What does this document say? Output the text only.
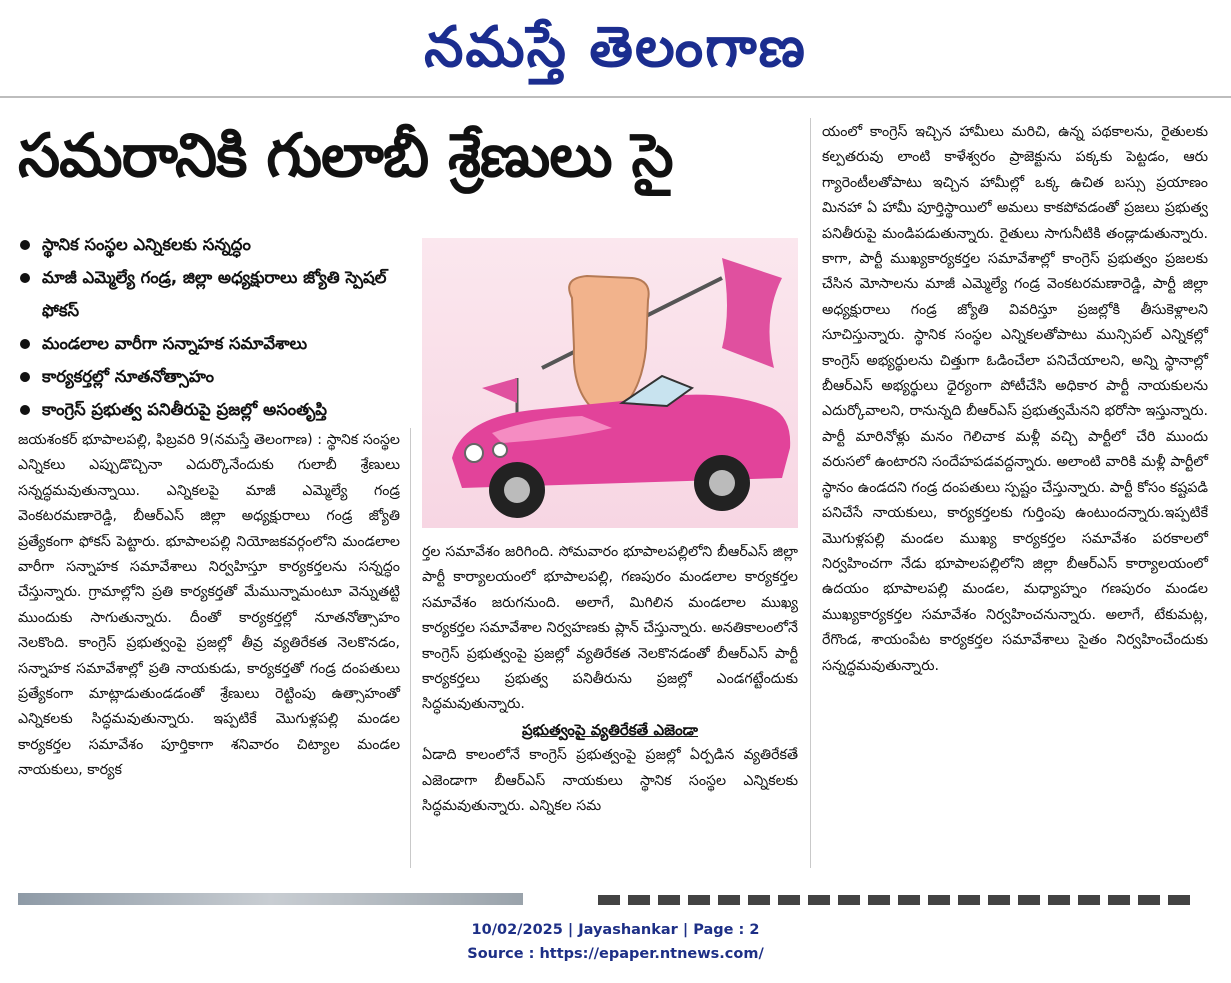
నమస్తే తెలంగాణ
సమరానికి గులాబీ శ్రేణులు సై
స్థానిక సంస్థల ఎన్నికలకు సన్నద్ధం
మాజీ ఎమ్మెల్యే గండ్ర, జిల్లా అధ్యక్షురాలు జ్యోతి స్పెషల్ ఫోకస్
మండలాల వారీగా సన్నాహక సమావేశాలు
కార్యకర్తల్లో నూతనోత్సాహం
కాంగ్రెస్ ప్రభుత్వ పనితీరుపై ప్రజల్లో అసంతృప్తి
జయశంకర్ భూపాలపల్లి, ఫిబ్రవరి 9(నమస్తే తెలంగాణ) : స్థానిక సంస్థల ఎన్నికలు ఎప్పుడొచ్చినా ఎదుర్కొనేందుకు గులాబీ శ్రేణులు సన్నద్ధమవుతున్నాయి. ఎన్నికలపై మాజీ ఎమ్మెల్యే గండ్ర వెంకటరమణారెడ్డి, బీఆర్ఎస్ జిల్లా అధ్యక్షురాలు గండ్ర జ్యోతి ప్రత్యేకంగా ఫోకస్ పెట్టారు. భూపాలపల్లి నియోజకవర్గంలోని మండలాల వారీగా సన్నాహక సమావేశాలు నిర్వహిస్తూ కార్యకర్తలను సన్నద్ధం చేస్తున్నారు. గ్రామాల్లోని ప్రతి కార్యకర్తతో మేమున్నామంటూ వెన్నుతట్టి ముందుకు సాగుతున్నారు. దీంతో కార్యకర్తల్లో నూతనోత్సాహం నెలకొంది. కాంగ్రెస్ ప్రభుత్వంపై ప్రజల్లో తీవ్ర వ్యతిరేకత నెలకొనడం, సన్నాహక సమావేశాల్లో ప్రతి నాయకుడు, కార్యకర్తతో గండ్ర దంపతులు ప్రత్యేకంగా మాట్లాడుతుండడంతో శ్రేణులు రెట్టింపు ఉత్సాహంతో ఎన్నికలకు సిద్ధమవుతున్నారు. ఇప్పటికే మొగుళ్లపల్లి మండల కార్యకర్తల సమావేశం పూర్తికాగా శనివారం చిట్యాల మండల నాయకులు, కార్యక
ర్తల సమావేశం జరిగింది. సోమవారం భూపాలపల్లిలోని బీఆర్ఎస్ జిల్లా పార్టీ కార్యాలయంలో భూపాలపల్లి, గణపురం మండలాల కార్యకర్తల సమావేశం జరుగనుంది. అలాగే, మిగిలిన మండలాల ముఖ్య కార్యకర్తల సమావేశాల నిర్వహణకు ప్లాన్ చేస్తున్నారు. అనతికాలంలోనే కాంగ్రెస్ ప్రభుత్వంపై ప్రజల్లో వ్యతిరేకత నెలకొనడంతో బీఆర్ఎస్ పార్టీ కార్యకర్తలు ప్రభుత్వ పనితీరును ప్రజల్లో ఎండగట్టేందుకు సిద్ధమవుతున్నారు.
ప్రభుత్వంపై వ్యతిరేకతే ఎజెండా
ఏడాది కాలంలోనే కాంగ్రెస్ ప్రభుత్వంపై ప్రజల్లో ఏర్పడిన వ్యతిరేకతే ఎజెండాగా బీఆర్ఎస్ నాయకులు స్థానిక సంస్థల ఎన్నికలకు సిద్ధమవుతున్నారు. ఎన్నికల సమ
యంలో కాంగ్రెస్ ఇచ్చిన హామీలు మరిచి, ఉన్న పథకాలను, రైతులకు కల్పతరువు లాంటి కాళేశ్వరం ప్రాజెక్టును పక్కకు పెట్టడం, ఆరు గ్యారెంటీలతోపాటు ఇచ్చిన హామీల్లో ఒక్క ఉచిత బస్సు ప్రయాణం మినహా ఏ హామీ పూర్తిస్థాయిలో అమలు కాకపోవడంతో ప్రజలు ప్రభుత్వ పనితీరుపై మండిపడుతున్నారు. రైతులు సాగునీటికి తండ్లాడుతున్నారు. కాగా, పార్టీ ముఖ్యకార్యకర్తల సమావేశాల్లో కాంగ్రెస్ ప్రభుత్వం ప్రజలకు చేసిన మోసాలను మాజీ ఎమ్మెల్యే గండ్ర వెంకటరమణారెడ్డి, పార్టీ జిల్లా అధ్యక్షురాలు గండ్ర జ్యోతి వివరిస్తూ ప్రజల్లోకి తీసుకెళ్లాలని సూచిస్తున్నారు. స్థానిక సంస్థల ఎన్నికలతోపాటు మున్సిపల్ ఎన్నికల్లో కాంగ్రెస్ అభ్యర్థులను చిత్తుగా ఓడించేలా పనిచేయాలని, అన్ని స్థానాల్లో బీఆర్ఎస్ అభ్యర్థులు ధైర్యంగా పోటీచేసి అధికార పార్టీ నాయకులను ఎదుర్కోవాలని, రానున్నది బీఆర్ఎస్ ప్రభుత్వమేనని భరోసా ఇస్తున్నారు. పార్టీ మారినోళ్లు మనం గెలిచాక మళ్లీ వచ్చి పార్టీలో చేరి ముందు వరుసలో ఉంటారని సందేహపడవద్దన్నారు. అలాంటి వారికి మళ్లీ పార్టీలో స్థానం ఉండదని గండ్ర దంపతులు స్పష్టం చేస్తున్నారు. పార్టీ కోసం కష్టపడి పనిచేసే నాయకులు, కార్యకర్తలకు గుర్తింపు ఉంటుందన్నారు.ఇప్పటికే మొగుళ్లపల్లి మండల ముఖ్య కార్యకర్తల సమావేశం పరకాలలో నిర్వహించగా నేడు భూపాలపల్లిలోని జిల్లా బీఆర్ఎస్ కార్యాలయంలో ఉదయం భూపాలపల్లి మండల, మధ్యాహ్నం గణపురం మండల ముఖ్యకార్యకర్తల సమావేశం నిర్వహించనున్నారు. అలాగే, టేకుమట్ల, రేగొండ, శాయంపేట కార్యకర్తల సమావేశాలు సైతం నిర్వహించేందుకు సన్నద్ధమవుతున్నారు.
10/02/2025 | Jayashankar | Page : 2
Source : https://epaper.ntnews.com/
